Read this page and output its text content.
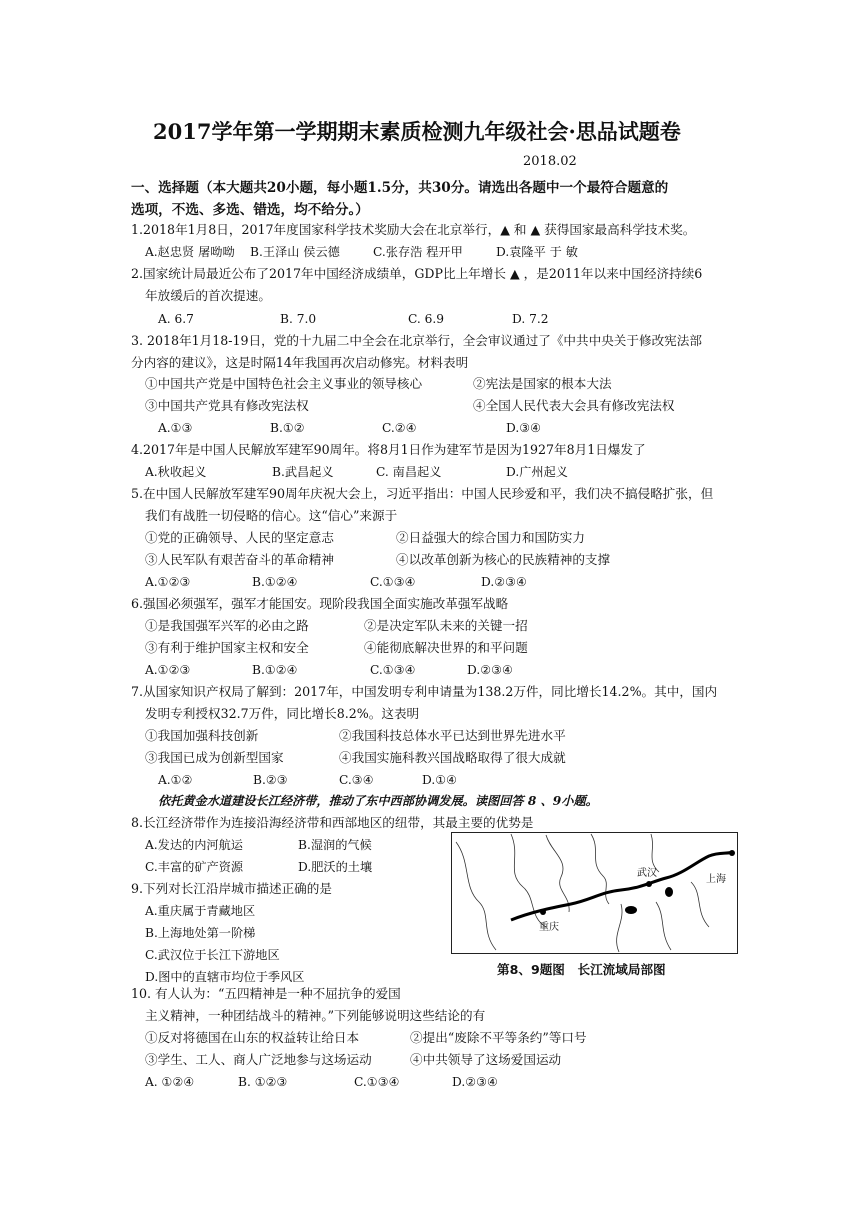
2017学年第一学期期末素质检测九年级社会·思品试题卷
2018.02
一、选择题（本大题共20小题，每小题1.5分，共30分。请选出各题中一个最符合题意的
选项，不选、多选、错选，均不给分。）
1.2018年1月8日，2017年度国家科学技术奖励大会在北京举行，▲ 和 ▲ 获得国家最高科学技术奖。
A.赵忠贤 屠呦呦 B.王泽山 侯云德	C.张存浩 程开甲	D.袁隆平 于 敏
2.国家统计局最近公布了2017年中国经济成绩单，GDP比上年增长 ▲ ，是2011年以来中国经济持续6
年放缓后的首次提速。
A. 6.7	B. 7.0	C. 6.9	D. 7.2
3. 2018年1月18-19日，党的十九届二中全会在北京举行，全会审议通过了《中共中央关于修改宪法部
分内容的建议》，这是时隔14年我国再次启动修宪。材料表明
①中国共产党是中国特色社会主义事业的领导核心	②宪法是国家的根本大法
③中国共产党具有修改宪法权	④全国人民代表大会具有修改宪法权
A.①③	B.①②	C.②④	D.③④
4.2017年是中国人民解放军建军90周年。将8月1日作为建军节是因为1927年8月1日爆发了
A.秋收起义	B.武昌起义	C. 南昌起义	D.广州起义
5.在中国人民解放军建军90周年庆祝大会上，习近平指出：中国人民珍爱和平，我们决不搞侵略扩张，但
我们有战胜一切侵略的信心。这“信心”来源于
①党的正确领导、人民的坚定意志	②日益强大的综合国力和国防实力
③人民军队有艰苦奋斗的革命精神	④以改革创新为核心的民族精神的支撑
A.①②③	B.①②④	C.①③④	D.②③④
6.强国必须强军，强军才能国安。现阶段我国全面实施改革强军战略
①是我国强军兴军的必由之路	②是决定军队未来的关键一招
③有利于维护国家主权和安全	④能彻底解决世界的和平问题
A.①②③	B.①②④	C.①③④	D.②③④
7.从国家知识产权局了解到：2017年，中国发明专利申请量为138.2万件，同比增长14.2%。其中，国内
发明专利授权32.7万件，同比增长8.2%。这表明
①我国加强科技创新	②我国科技总体水平已达到世界先进水平
③我国已成为创新型国家	④我国实施科教兴国战略取得了很大成就
A.①②	B.②③	C.③④	D.①④
依托黄金水道建设长江经济带，推动了东中西部协调发展。读图回答 8 、9小题。
8.长江经济带作为连接沿海经济带和西部地区的纽带，其最主要的优势是
A.发达的内河航运	B.湿润的气候
C.丰富的矿产资源	D.肥沃的土壤
9.下列对长江沿岸城市描述正确的是
A.重庆属于青藏地区
B.上海地处第一阶梯
C.武汉位于长江下游地区
D.图中的直辖市均位于季风区
武汉
上海
重庆
第8、9题图　长江流域局部图
10. 有人认为：“五四精神是一种不屈抗争的爱国
主义精神，一种团结战斗的精神。”下列能够说明这些结论的有
①反对将德国在山东的权益转让给日本	②提出“废除不平等条约”等口号
③学生、工人、商人广泛地参与这场运动	④中共领导了这场爱国运动
A. ①②④	B. ①②③	C.①③④	D.②③④
